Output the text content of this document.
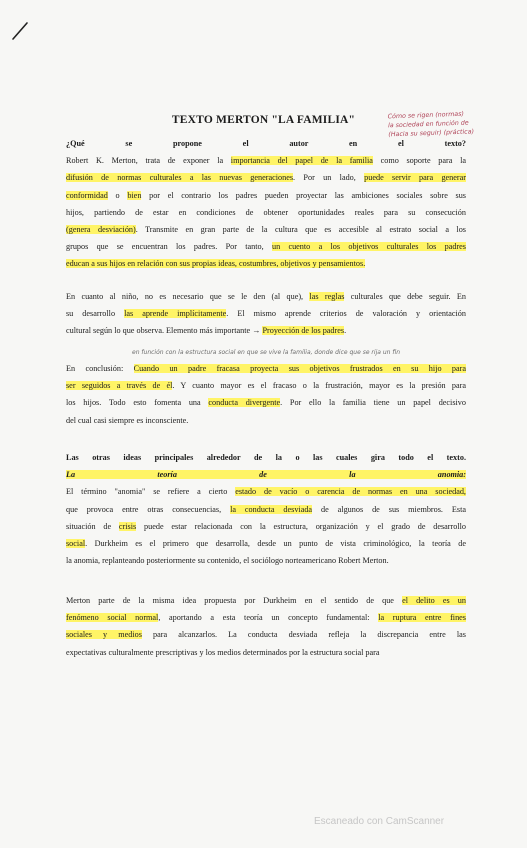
TEXTO MERTON "LA FAMILIA"	Cómo se rigen (normas)
la sociedad en función de
(Hacia su seguir) (práctica)
¿Qué se propone el autor en el texto?
Robert K. Merton, trata de exponer la importancia del papel de la familia como soporte para la
difusión de normas culturales a las nuevas generaciones. Por un lado, puede servir para generar
conformidad o bien por el contrario los padres pueden proyectar las ambiciones sociales sobre sus
hijos, partiendo de estar en condiciones de obtener oportunidades reales para su consecución
(genera desviación). Transmite en gran parte de la cultura que es accesible al estrato social a los
grupos que se encuentran los padres. Por tanto, un cuento a los objetivos culturales los padres
educan a sus hijos en relación con sus propias ideas, costumbres, objetivos y pensamientos.
En cuanto al niño, no es necesario que se le den (al que), las reglas culturales que debe seguir. En
su desarrollo las aprende implícitamente. El mismo aprende criterios de valoración y orientación
cultural según lo que observa. Elemento más importante → Proyección de los padres.
en función con la estructura social en que se vive la familia, donde dice que se rija un fin
En conclusión: Cuando un padre fracasa proyecta sus objetivos frustrados en su hijo para
ser seguidos a través de él. Y cuanto mayor es el fracaso o la frustración, mayor es la presión para
los hijos. Todo esto fomenta una conducta divergente. Por ello la familia tiene un papel decisivo
del cual casi siempre es inconsciente.
Las otras ideas principales alrededor de la o las cuales gira todo el texto.
La teoría de la anomia:
El término "anomia" se refiere a cierto estado de vacío o carencia de normas en una sociedad,
que provoca entre otras consecuencias, la conducta desviada de algunos de sus miembros. Esta
situación de crisis puede estar relacionada con la estructura, organización y el grado de desarrollo
social. Durkheim es el primero que desarrolla, desde un punto de vista criminológico, la teoría de
la anomia, replanteando posteriormente su contenido, el sociólogo norteamericano Robert Merton.
Merton parte de la misma idea propuesta por Durkheim en el sentido de que el delito es un
fenómeno social normal, aportando a esta teoría un concepto fundamental: la ruptura entre fines
sociales y medios para alcanzarlos. La conducta desviada refleja la discrepancia entre las
expectativas culturalmente prescriptivas y los medios determinados por la estructura social para
Escaneado con CamScanner
